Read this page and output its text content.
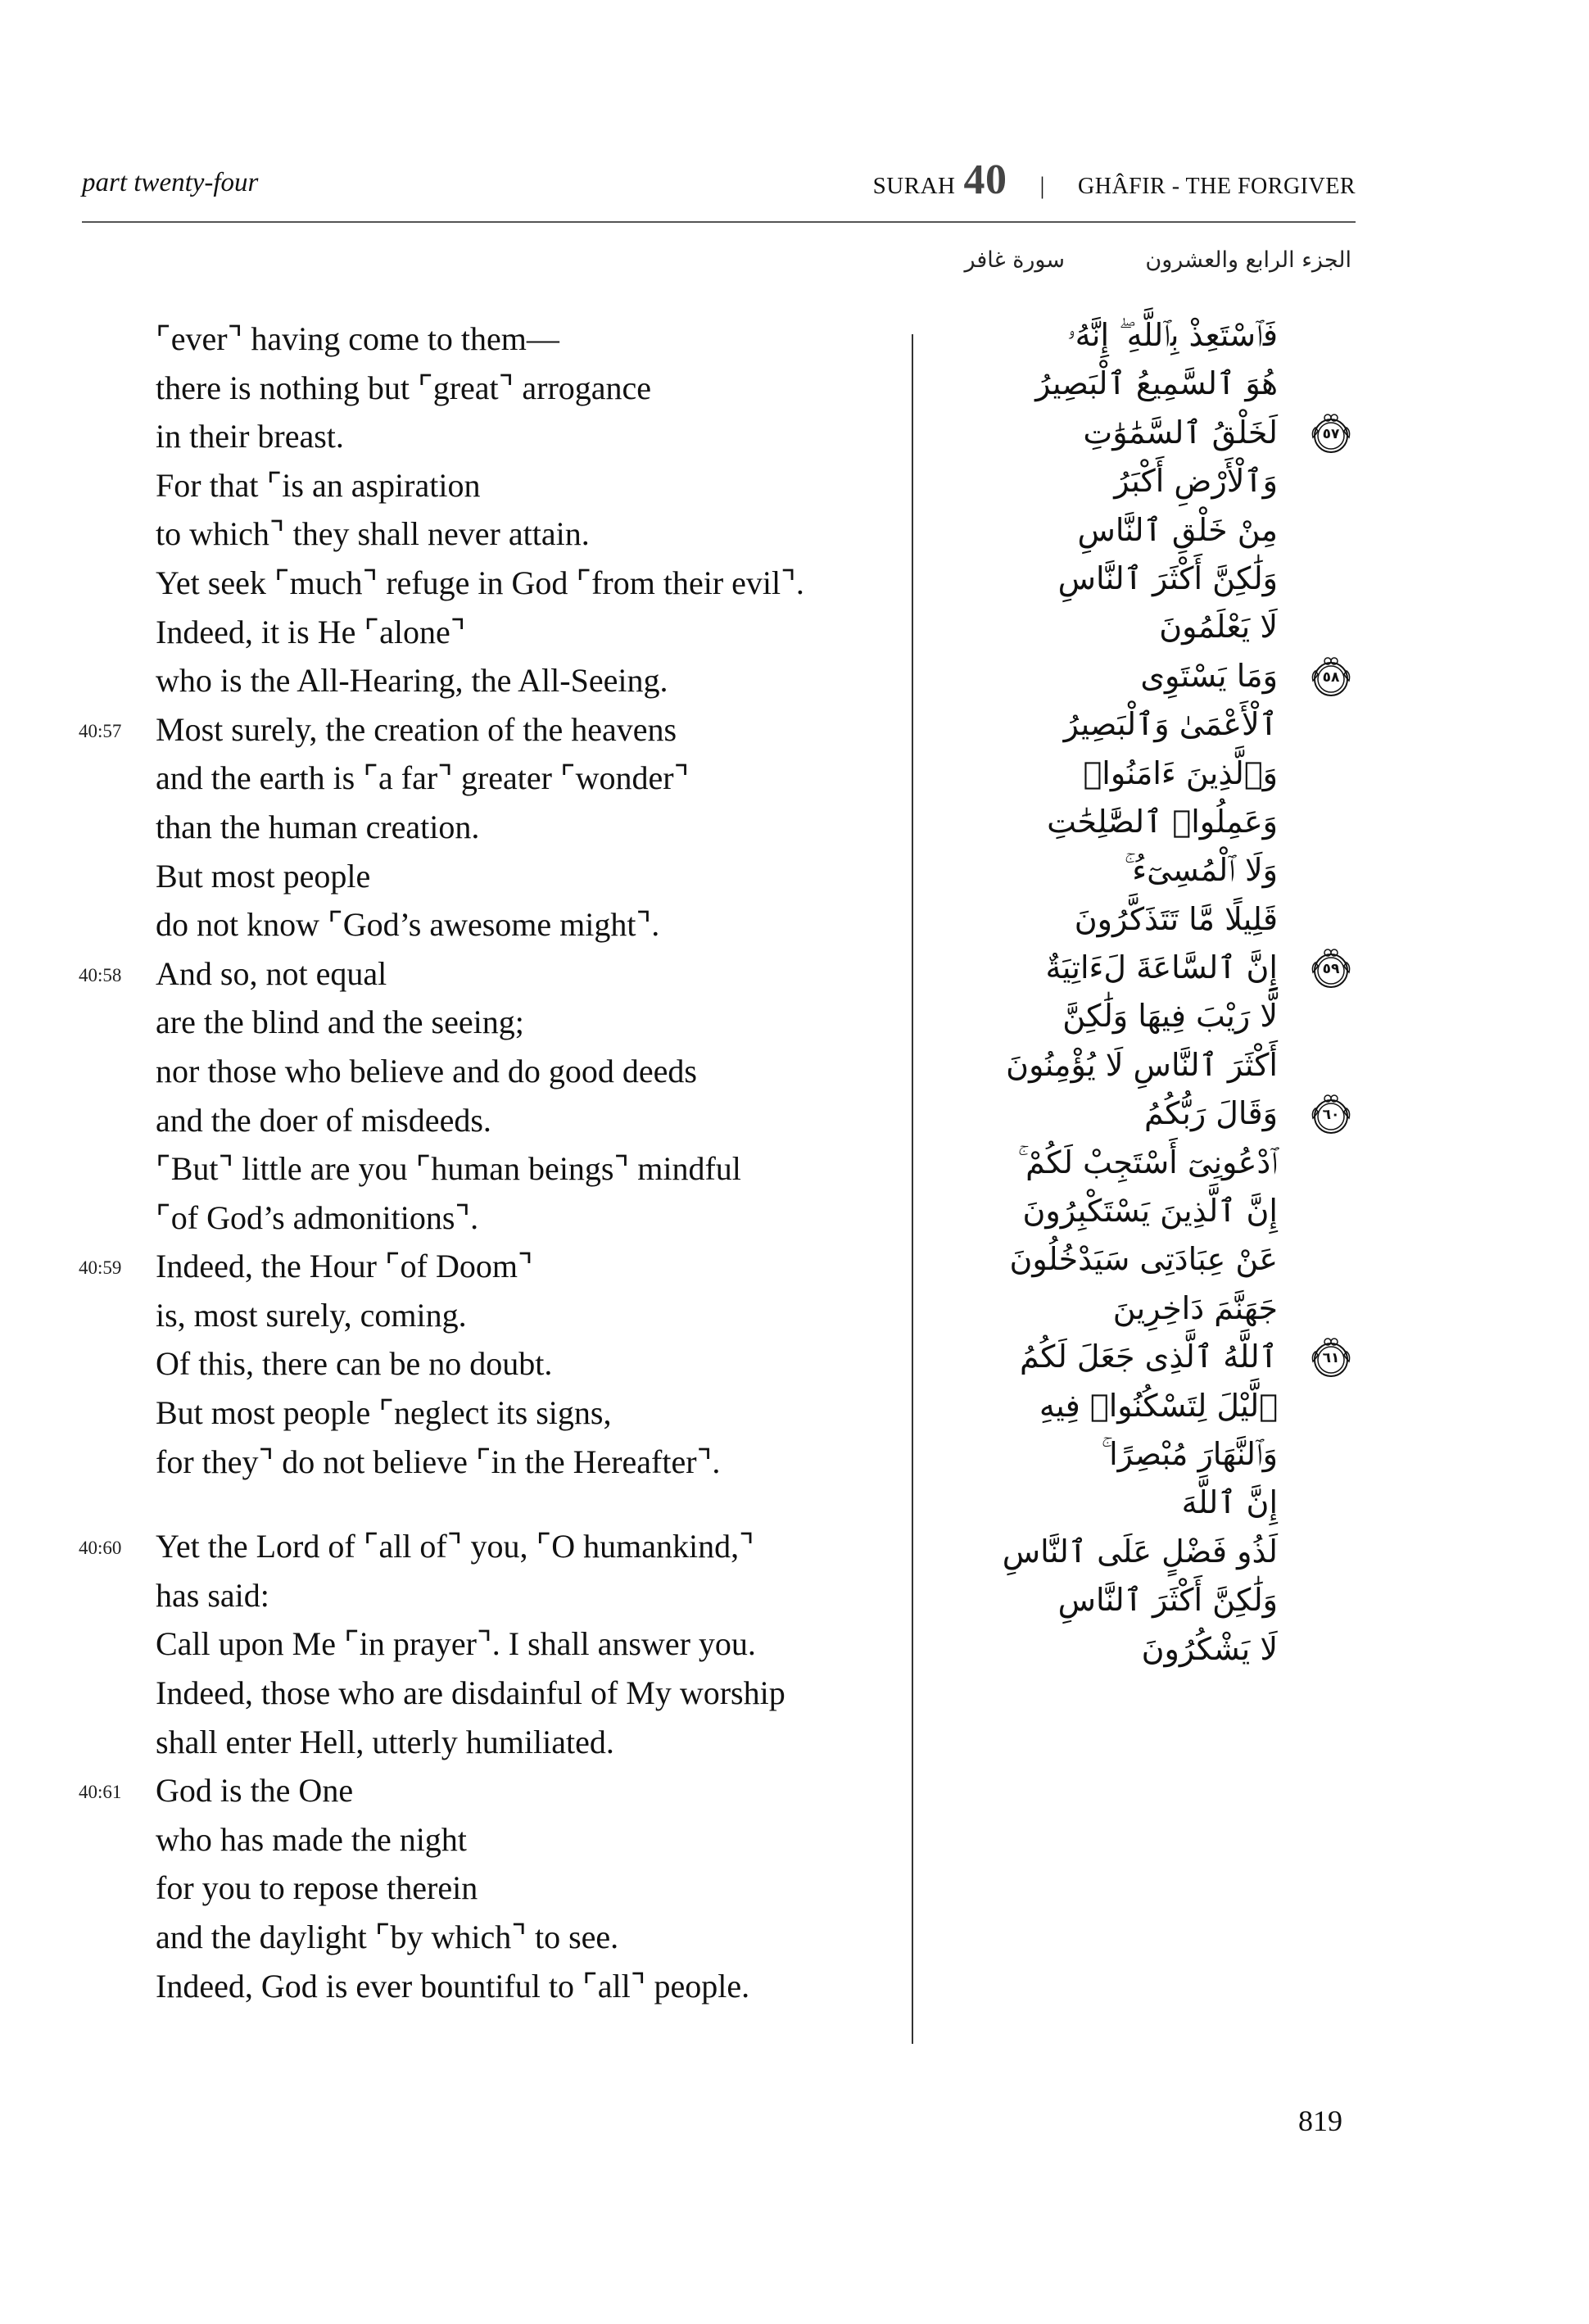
part twenty-four	SURAH 40 | GHÂFIR - THE FORGIVER
الجزء الرابع والعشرون
سورة غافر
⌜ever⌝ having come to them—
there is nothing but ⌜great⌝ arrogance
in their breast.
For that ⌜is an aspiration
to which⌝ they shall never attain.
Yet seek ⌜much⌝ refuge in God ⌜from their evil⌝.
Indeed, it is He ⌜alone⌝
who is the All-Hearing, the All-Seeing.
40:57 Most surely, the creation of the heavens
and the earth is ⌜a far⌝ greater ⌜wonder⌝
than the human creation.
But most people
do not know ⌜God’s awesome might⌝.
40:58 And so, not equal
are the blind and the seeing;
nor those who believe and do good deeds
and the doer of misdeeds.
⌜But⌝ little are you ⌜human beings⌝ mindful
⌜of God’s admonitions⌝.
40:59 Indeed, the Hour ⌜of Doom⌝
is, most surely, coming.
Of this, there can be no doubt.
But most people ⌜neglect its signs,
for they⌝ do not believe ⌜in the Hereafter⌝.
40:60 Yet the Lord of ⌜all of⌝ you, ⌜O humankind,⌝
has said:
Call upon Me ⌜in prayer⌝. I shall answer you.
Indeed, those who are disdainful of My worship
shall enter Hell, utterly humiliated.
40:61 God is the One
who has made the night
for you to repose therein
and the daylight ⌜by which⌝ to see.
Indeed, God is ever bountiful to ⌜all⌝ people.
فَٱسْتَعِذْ بِٱللَّهِ ۖ إِنَّهُۥ
هُوَ ٱلسَّمِيعُ ٱلْبَصِيرُ
لَخَلْقُ ٱلسَّمَٰوَٰتِ	٥٧
وَٱلْأَرْضِ أَكْبَرُ
مِنْ خَلْقِ ٱلنَّاسِ
وَلَٰكِنَّ أَكْثَرَ ٱلنَّاسِ
لَا يَعْلَمُونَ
وَمَا يَسْتَوِى	٥٨
ٱلْأَعْمَىٰ وَٱلْبَصِيرُ
وَٱلَّذِينَ ءَامَنُوا۟
وَعَمِلُوا۟ ٱلصَّٰلِحَٰتِ
وَلَا ٱلْمُسِىٓءُ ۚ
قَلِيلًا مَّا تَتَذَكَّرُونَ
إِنَّ ٱلسَّاعَةَ لَءَاتِيَةٌ	٥٩
لَّا رَيْبَ فِيهَا وَلَٰكِنَّ
أَكْثَرَ ٱلنَّاسِ لَا يُؤْمِنُونَ
وَقَالَ رَبُّكُمُ	٦٠
ٱدْعُونِىٓ أَسْتَجِبْ لَكُمْ ۚ
إِنَّ ٱلَّذِينَ يَسْتَكْبِرُونَ
عَنْ عِبَادَتِى سَيَدْخُلُونَ
جَهَنَّمَ دَاخِرِينَ
ٱللَّهُ ٱلَّذِى جَعَلَ لَكُمُ	٦١
ٱلَّيْلَ لِتَسْكُنُوا۟ فِيهِ
وَٱلنَّهَارَ مُبْصِرًا ۚ
إِنَّ ٱللَّهَ
لَذُو فَضْلٍ عَلَى ٱلنَّاسِ
وَلَٰكِنَّ أَكْثَرَ ٱلنَّاسِ
لَا يَشْكُرُونَ
819
